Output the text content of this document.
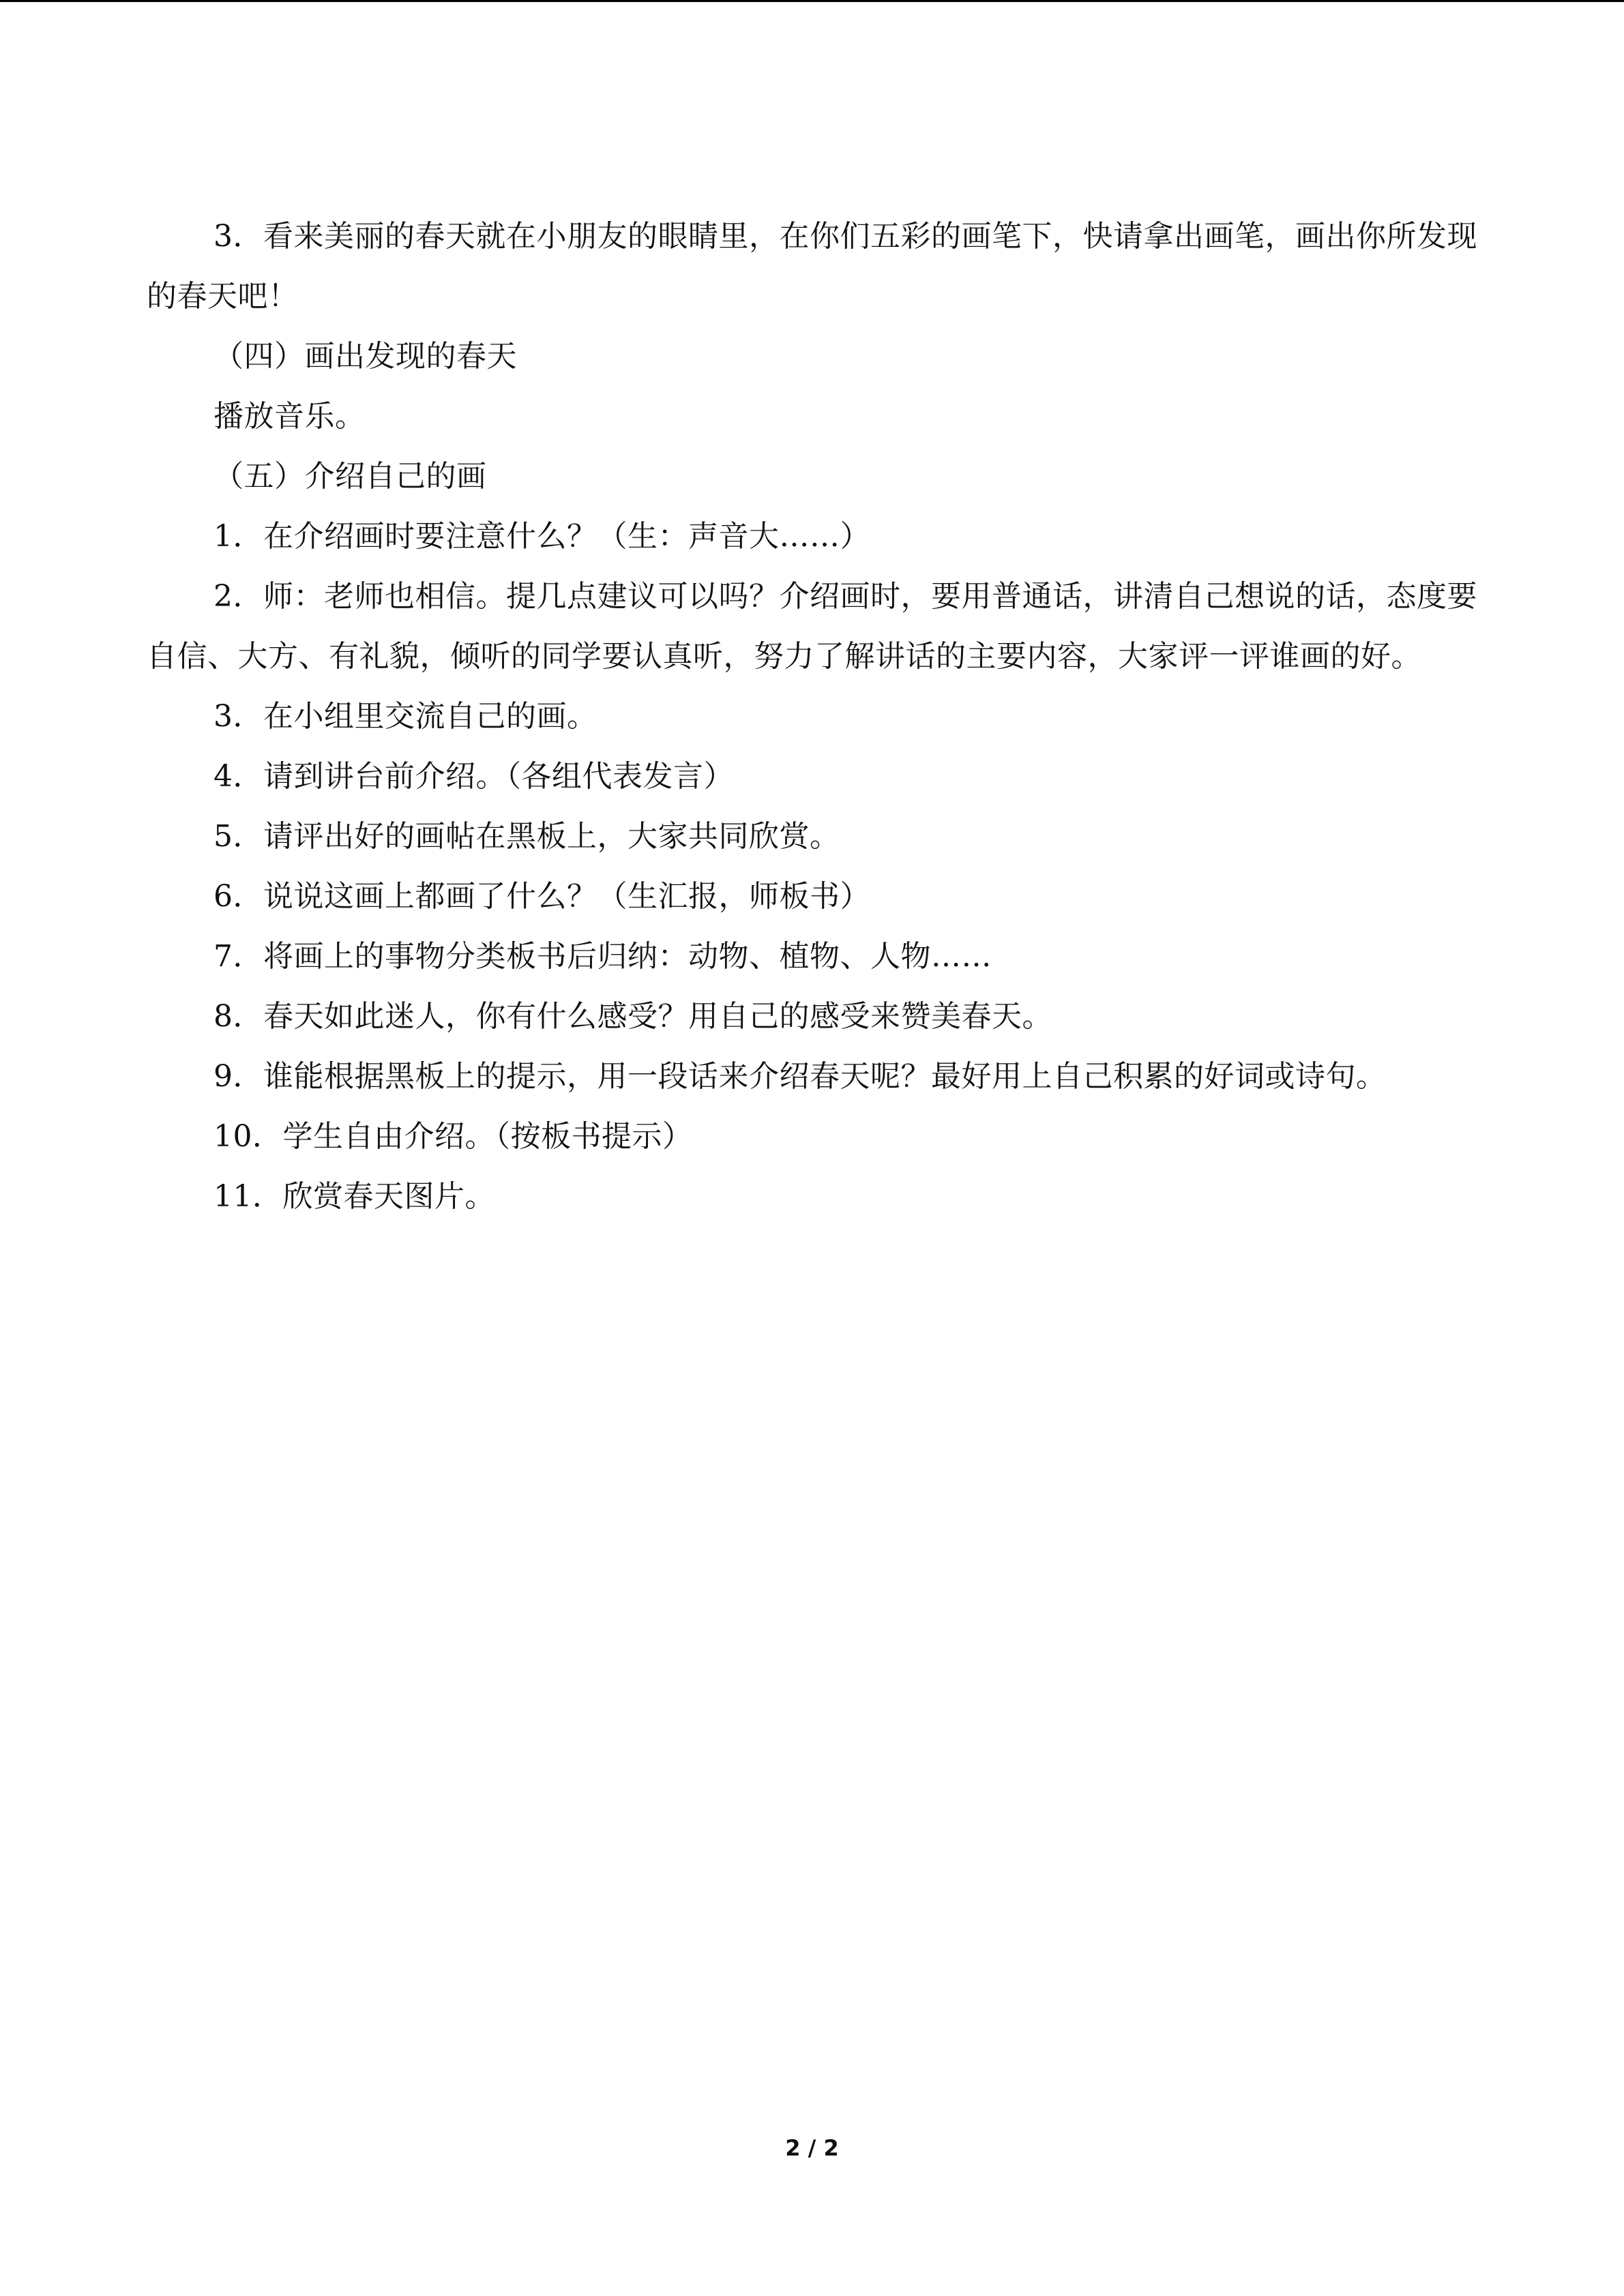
3．看来美丽的春天就在小朋友的眼睛里，在你们五彩的画笔下，快请拿出画笔，画出你所发现的春天吧！

（四）画出发现的春天

播放音乐。

（五）介绍自己的画

1．在介绍画时要注意什么？（生：声音大……）

2．师：老师也相信。提几点建议可以吗？介绍画时，要用普通话，讲清自己想说的话，态度要自信、大方、有礼貌，倾听的同学要认真听，努力了解讲话的主要内容，大家评一评谁画的好。

3．在小组里交流自己的画。

4．请到讲台前介绍。（各组代表发言）

5．请评出好的画帖在黑板上，大家共同欣赏。

6．说说这画上都画了什么？（生汇报，师板书）

7．将画上的事物分类板书后归纳：动物、植物、人物……

8．春天如此迷人，你有什么感受？用自己的感受来赞美春天。

9．谁能根据黑板上的提示，用一段话来介绍春天呢？最好用上自己积累的好词或诗句。

10．学生自由介绍。（按板书提示）

11．欣赏春天图片。

2 / 2
